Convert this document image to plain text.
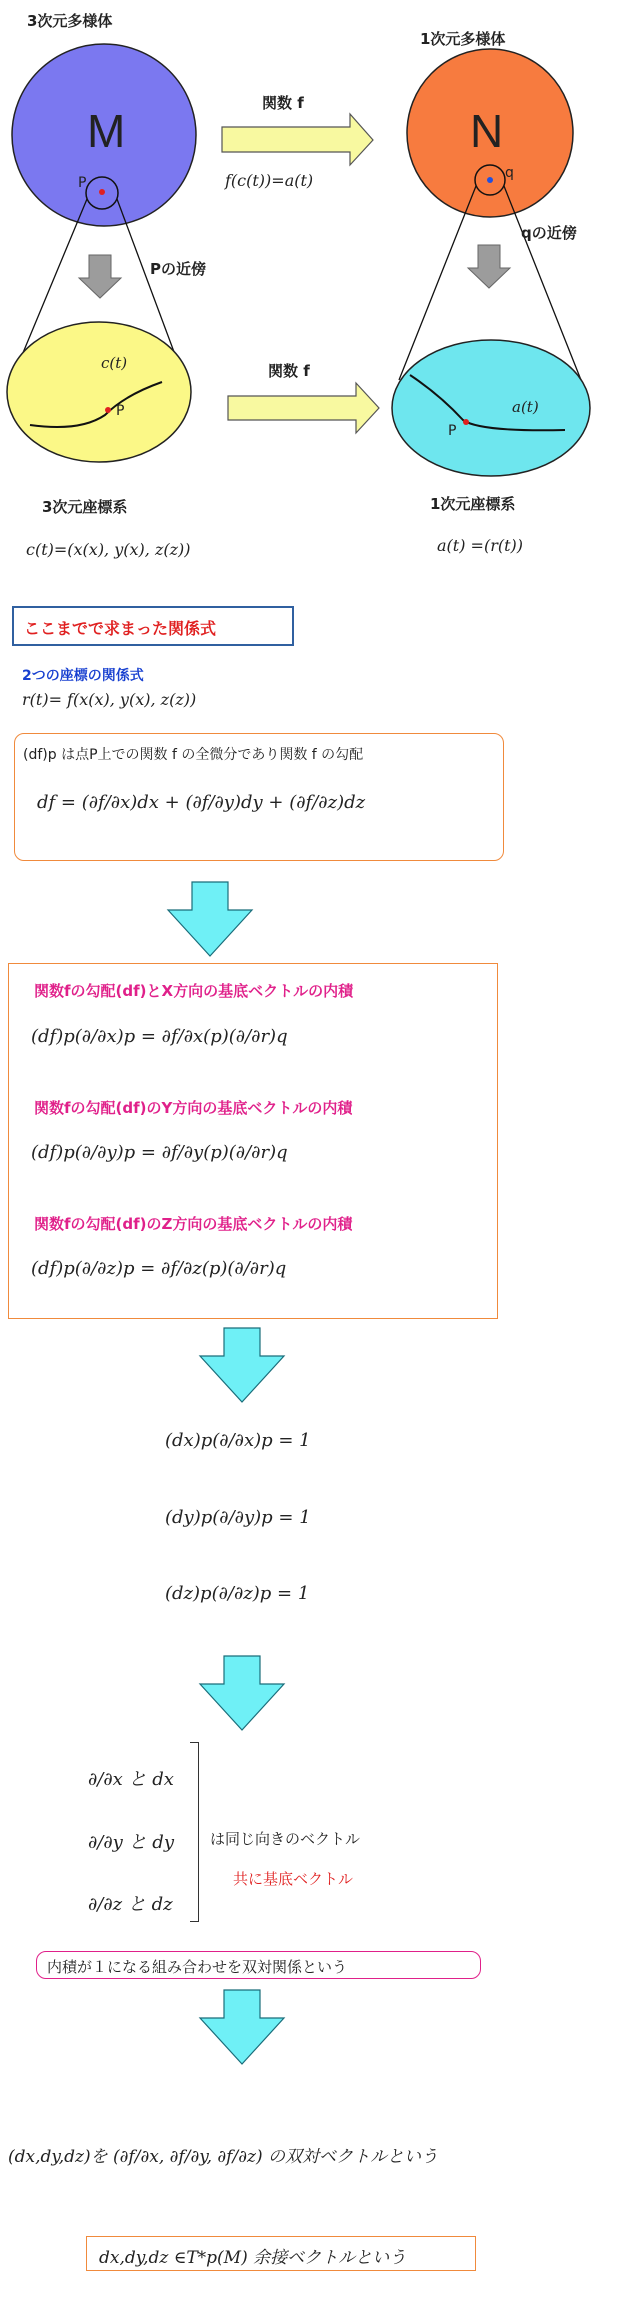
3次元多様体
1次元多様体
M	N
P
q
Pの近傍
qの近傍
関数 f
f(c(t))=a(t)
関数 f
c(t)
P	a(t)
P
3次元座標系	1次元座標系
c(t)=(x(x), y(x), z(z))	a(t) =(r(t))
ここまでで求まった関係式
2つの座標の関係式
r(t)= f(x(x), y(x), z(z))
(df)p は点P上での関数 f の全微分であり関数 f の勾配
df = (∂f/∂x)dx + (∂f/∂y)dy + (∂f/∂z)dz
関数fの勾配(df)とX方向の基底ベクトルの内積
(df)p(∂/∂x)p = ∂f/∂x(p)(∂/∂r)q
関数fの勾配(df)のY方向の基底ベクトルの内積
(df)p(∂/∂y)p = ∂f/∂y(p)(∂/∂r)q
関数fの勾配(df)のZ方向の基底ベクトルの内積
(df)p(∂/∂z)p = ∂f/∂z(p)(∂/∂r)q
(dx)p(∂/∂x)p = 1
(dy)p(∂/∂y)p = 1
(dz)p(∂/∂z)p = 1
∂/∂x と dx
∂/∂y と dy
∂/∂z と dz
は同じ向きのベクトル
共に基底ベクトル
内積が１になる組み合わせを双対関係という
(dx,dy,dz)を (∂f/∂x, ∂f/∂y, ∂f/∂z) の双対ベクトルという
dx,dy,dz ∈T*p(M) 余接ベクトルという
